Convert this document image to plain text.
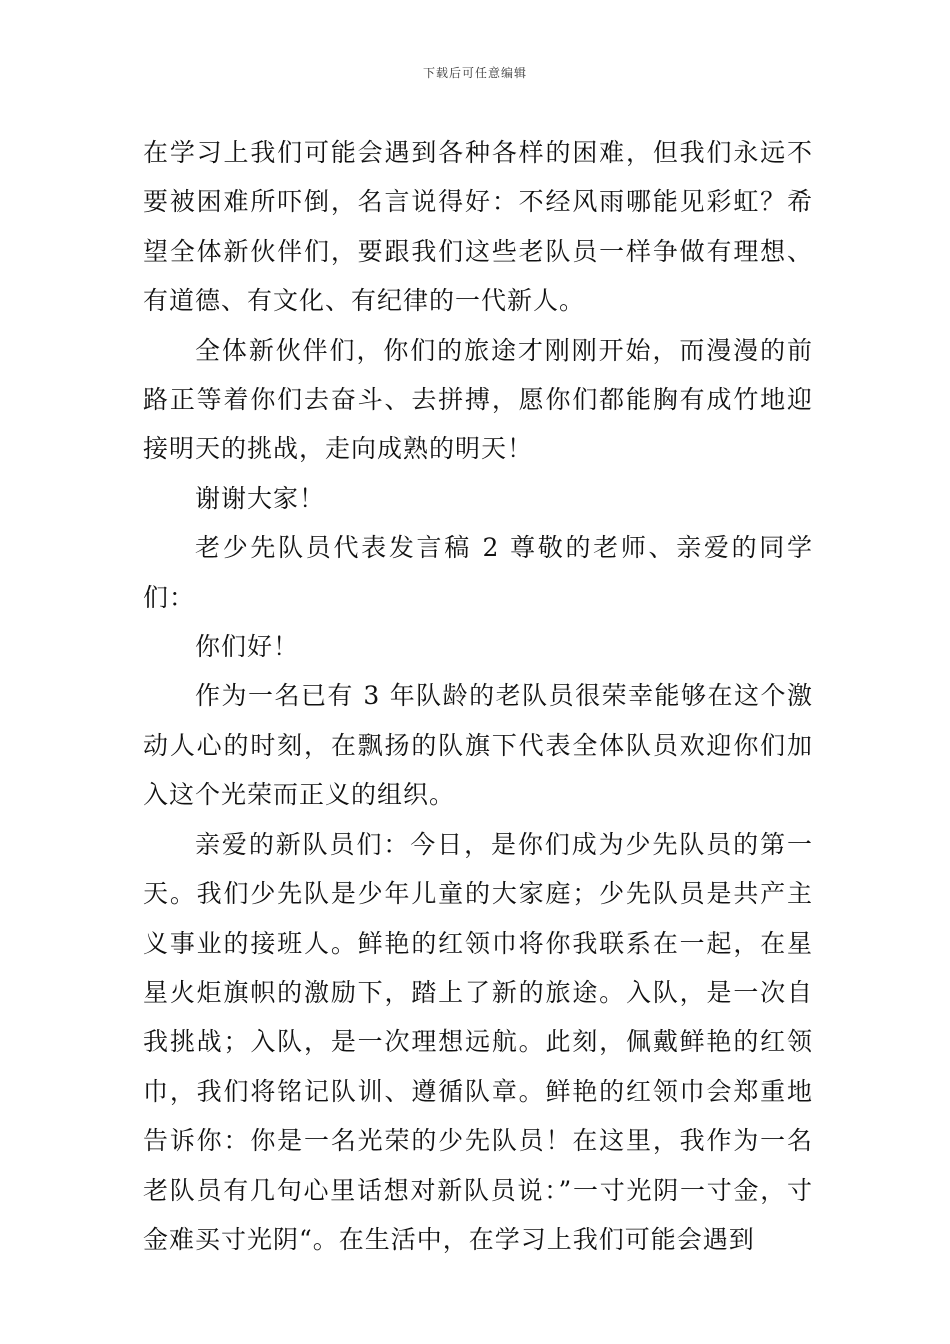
下载后可任意编辑

在学习上我们可能会遇到各种各样的困难，但我们永远不要被困难所吓倒，名言说得好：不经风雨哪能见彩虹？希望全体新伙伴们，要跟我们这些老队员一样争做有理想、有道德、有文化、有纪律的一代新人。

全体新伙伴们，你们的旅途才刚刚开始，而漫漫的前路正等着你们去奋斗、去拼搏，愿你们都能胸有成竹地迎接明天的挑战，走向成熟的明天！

谢谢大家！

老少先队员代表发言稿 2 尊敬的老师、亲爱的同学们：

你们好！

作为一名已有 3 年队龄的老队员很荣幸能够在这个激动人心的时刻，在飘扬的队旗下代表全体队员欢迎你们加入这个光荣而正义的组织。

亲爱的新队员们：今日，是你们成为少先队员的第一天。我们少先队是少年儿童的大家庭；少先队员是共产主义事业的接班人。鲜艳的红领巾将你我联系在一起，在星星火炬旗帜的激励下，踏上了新的旅途。入队，是一次自我挑战；入队，是一次理想远航。此刻，佩戴鲜艳的红领巾，我们将铭记队训、遵循队章。鲜艳的红领巾会郑重地告诉你：你是一名光荣的少先队员！在这里，我作为一名老队员有几句心里话想对新队员说：”一寸光阴一寸金，寸金难买寸光阴“。在生活中，在学习上我们可能会遇到
